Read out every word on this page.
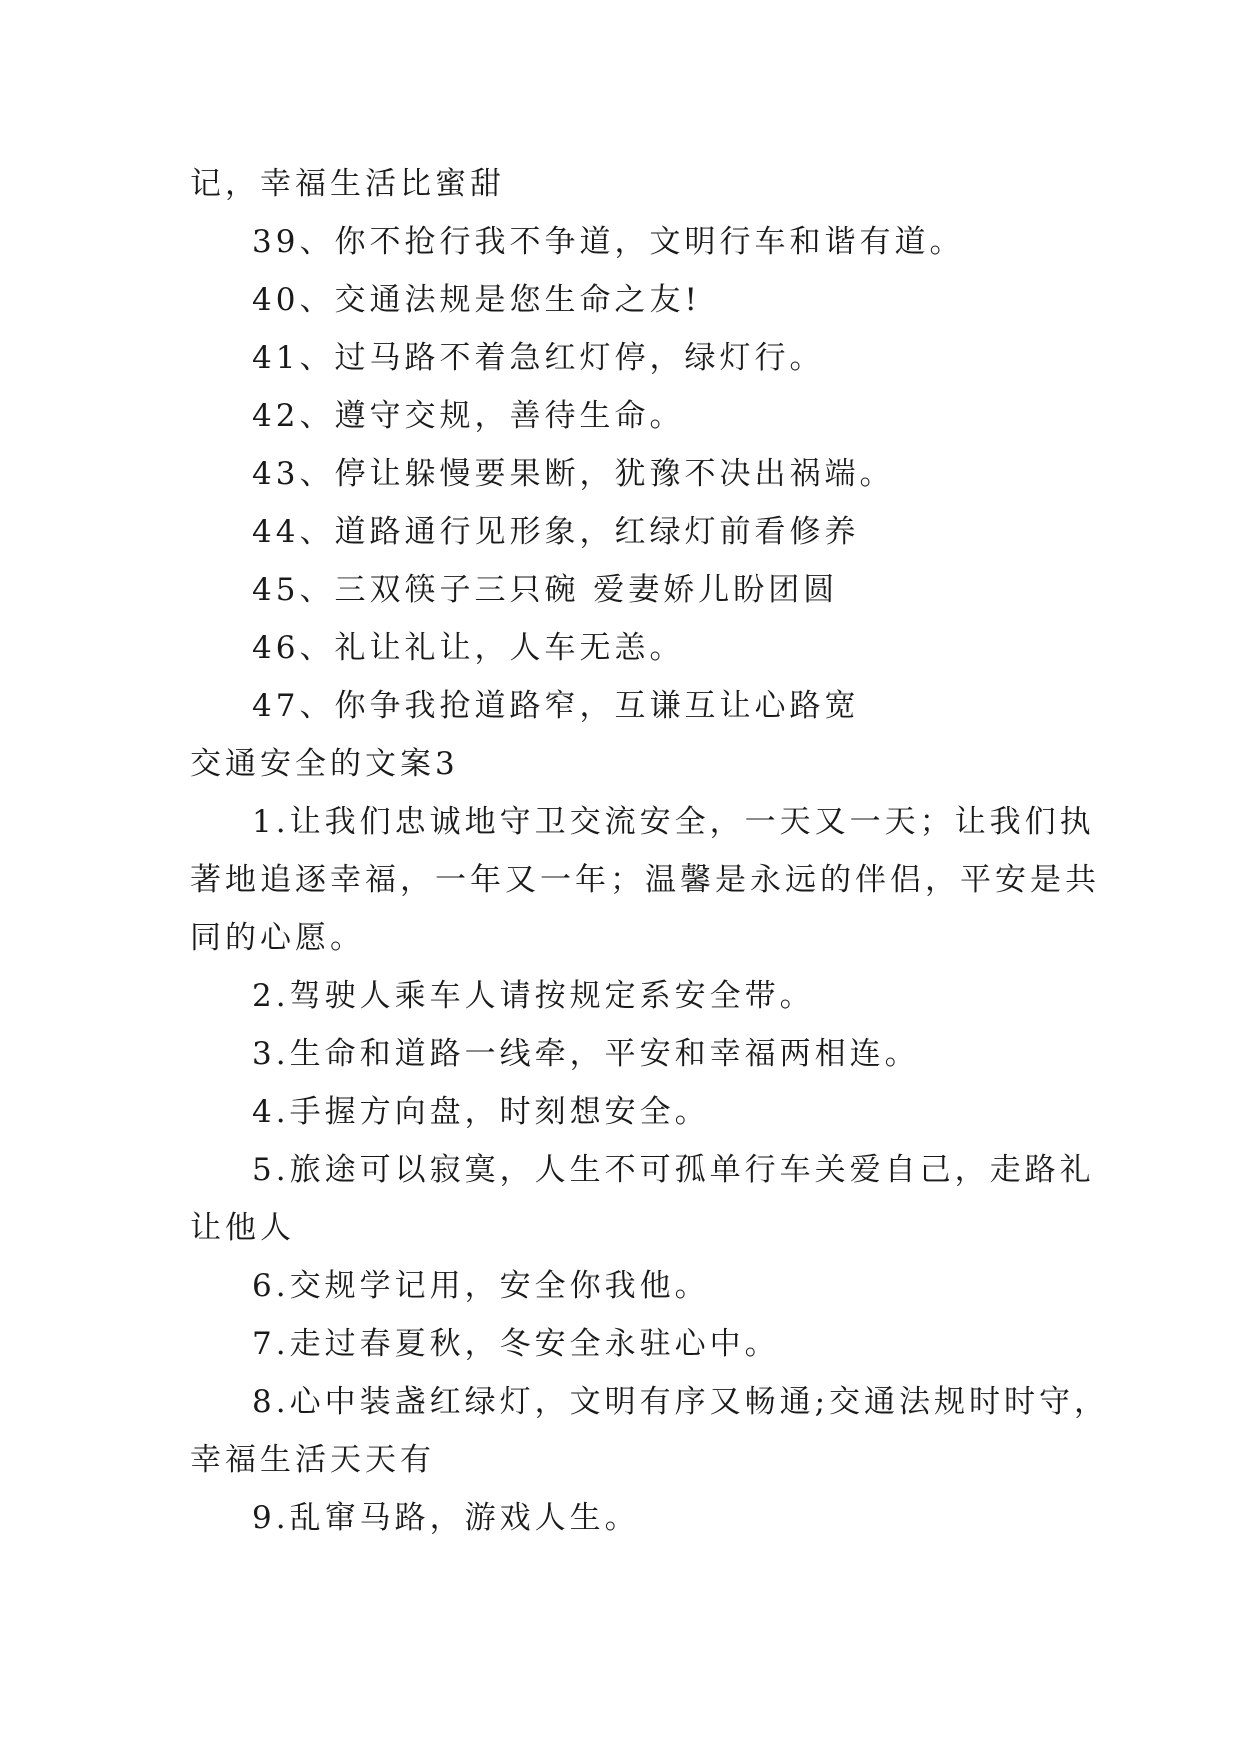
记，幸福生活比蜜甜
39、你不抢行我不争道，文明行车和谐有道。
40、交通法规是您生命之友!
41、过马路不着急红灯停，绿灯行。
42、遵守交规，善待生命。
43、停让躲慢要果断，犹豫不决出祸端。
44、道路通行见形象，红绿灯前看修养
45、三双筷子三只碗 爱妻娇儿盼团圆
46、礼让礼让，人车无恙。
47、你争我抢道路窄，互谦互让心路宽
交通安全的文案3
1.让我们忠诚地守卫交流安全，一天又一天；让我们执
著地追逐幸福，一年又一年；温馨是永远的伴侣，平安是共
同的心愿。
2.驾驶人乘车人请按规定系安全带。
3.生命和道路一线牵，平安和幸福两相连。
4.手握方向盘，时刻想安全。
5.旅途可以寂寞，人生不可孤单行车关爱自己，走路礼
让他人
6.交规学记用，安全你我他。
7.走过春夏秋，冬安全永驻心中。
8.心中装盏红绿灯，文明有序又畅通;交通法规时时守，
幸福生活天天有
9.乱窜马路，游戏人生。
